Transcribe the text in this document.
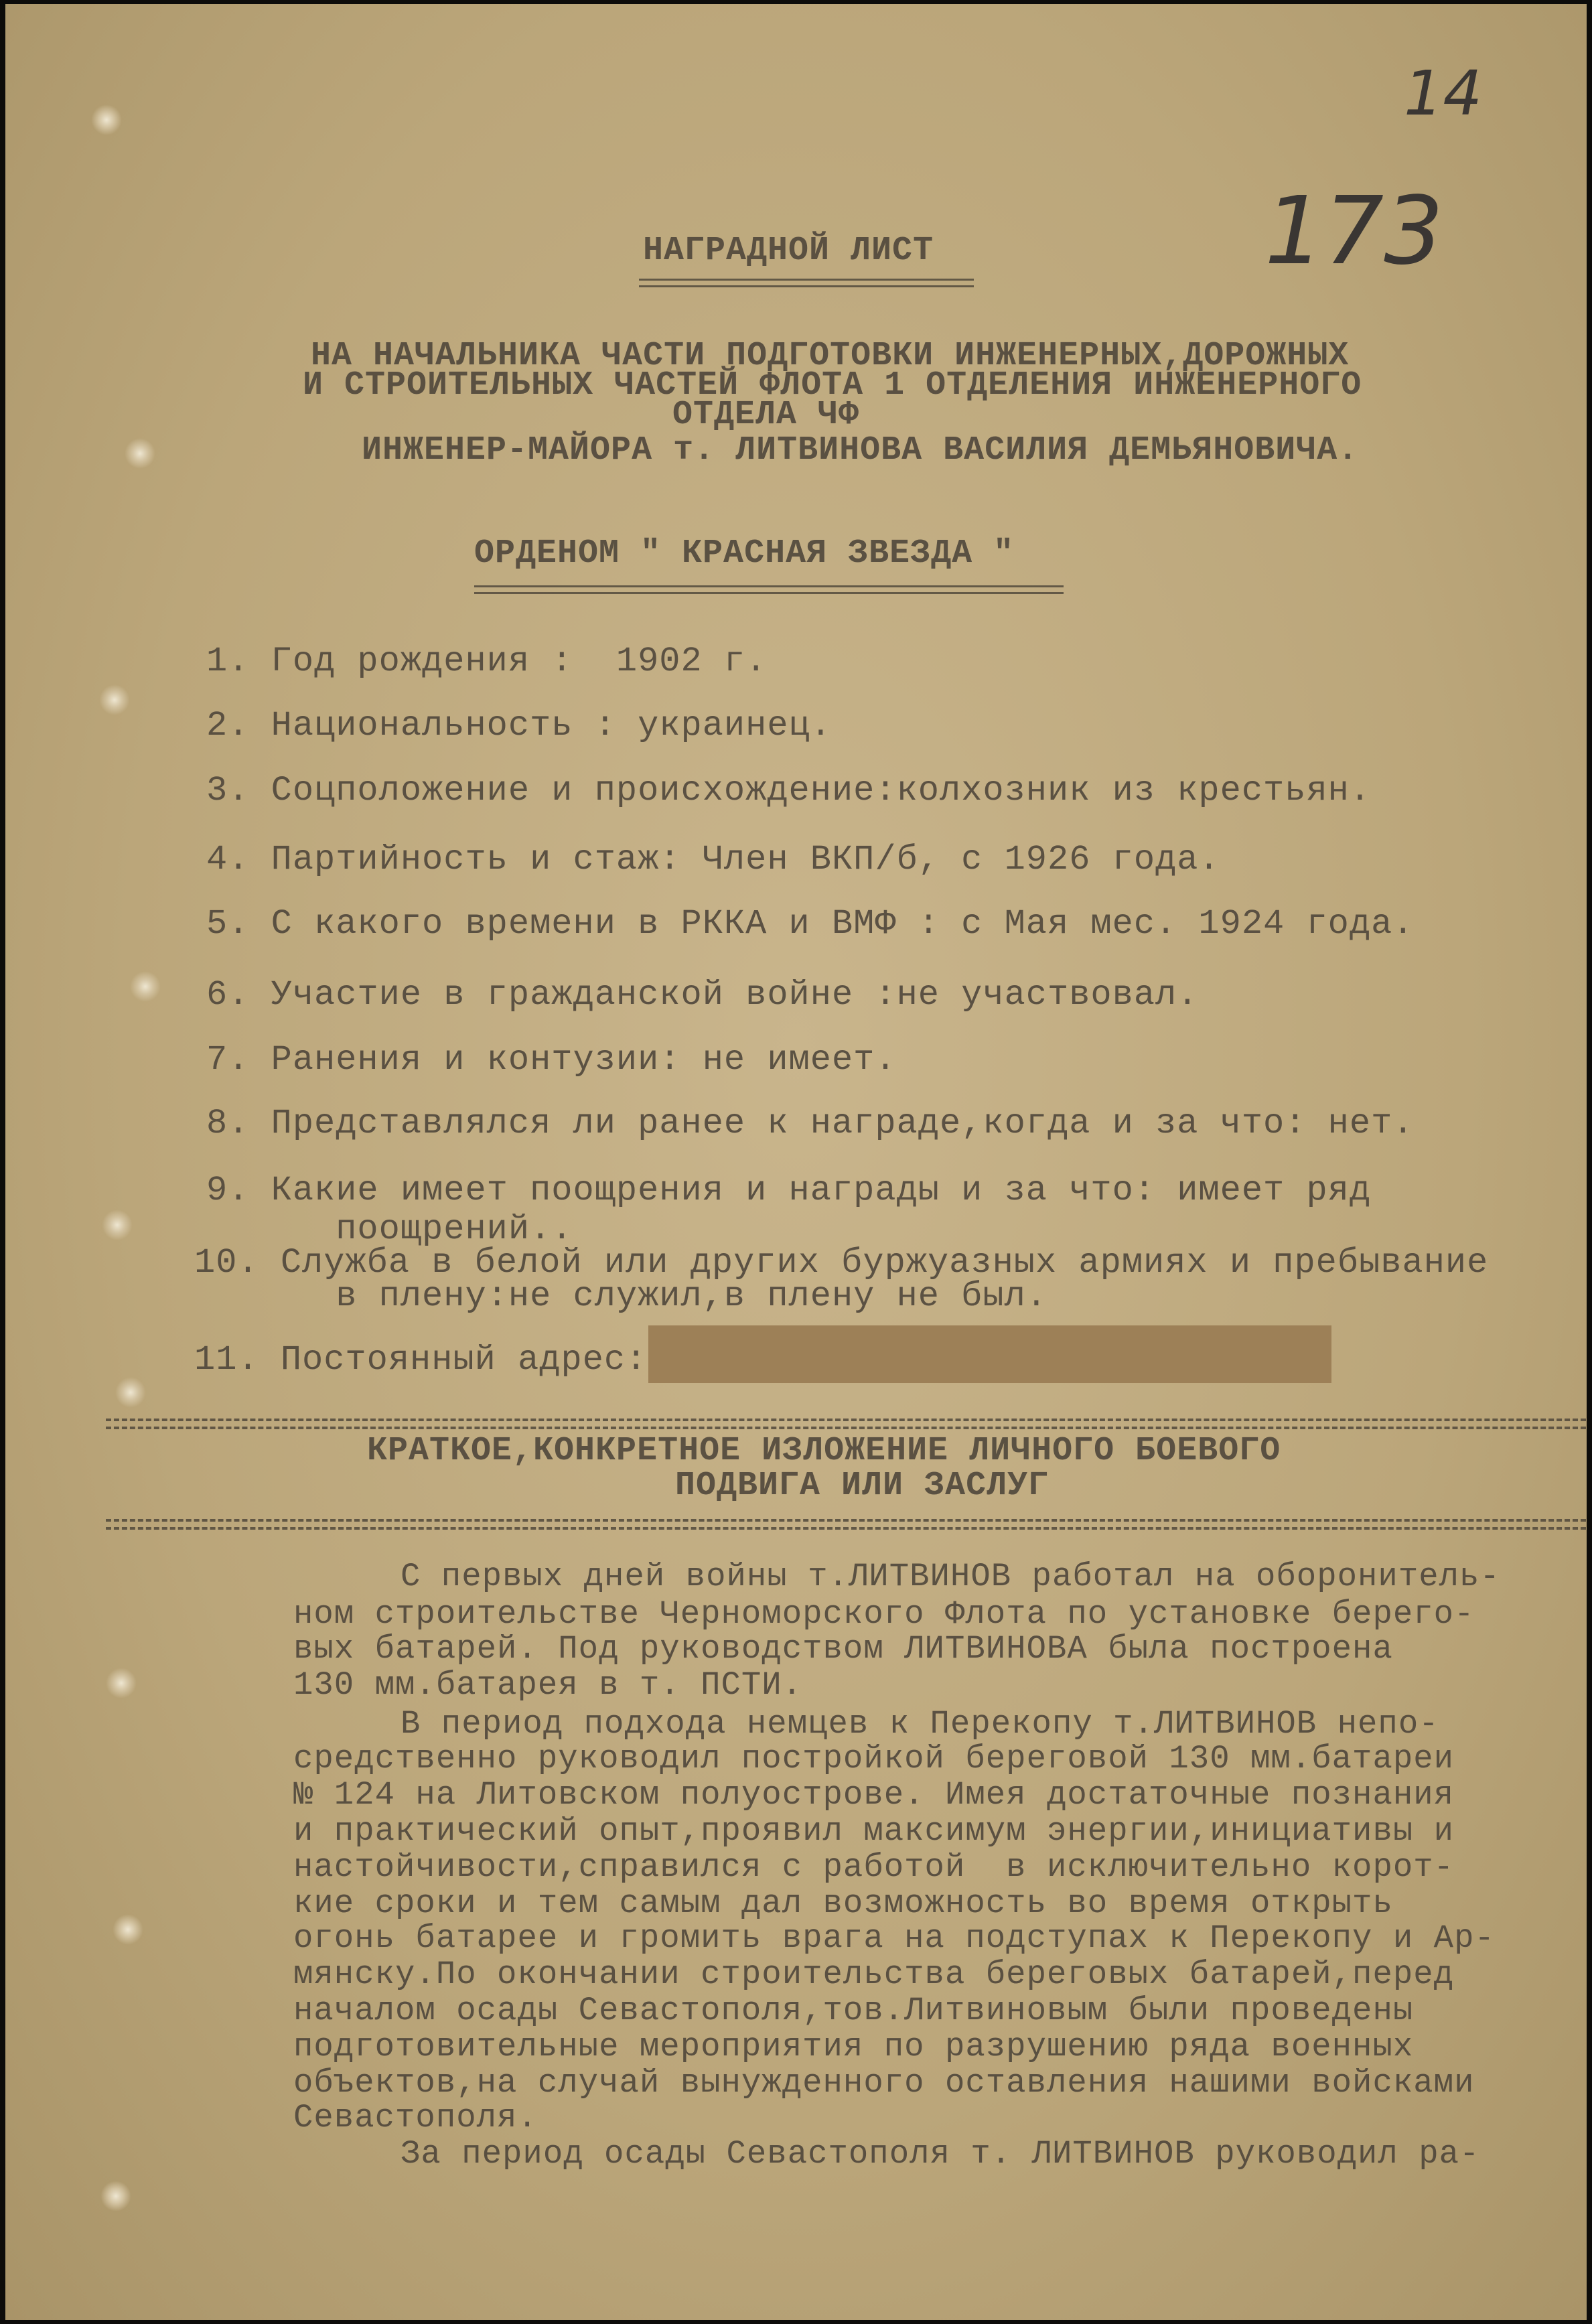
14
173
НАГРАДНОЙ ЛИСТ
НА НАЧАЛЬНИКА ЧАСТИ ПОДГОТОВКИ ИНЖЕНЕРНЫХ,ДОРОЖНЫХ
И СТРОИТЕЛЬНЫХ ЧАСТЕЙ ФЛОТА 1 ОТДЕЛЕНИЯ ИНЖЕНЕРНОГО
ОТДЕЛА ЧФ
ИНЖЕНЕР-МАЙОРА т. ЛИТВИНОВА ВАСИЛИЯ ДЕМЬЯНОВИЧА.
ОРДЕНОМ " КРАСНАЯ ЗВЕЗДА "
1. Год рождения :  1902 г.
2. Национальность : украинец.
3. Соцположение и происхождение:колхозник из крестьян.
4. Партийность и стаж: Член ВКП/б, с 1926 года.
5. С какого времени в РККА и ВМФ : с Мая мес. 1924 года.
6. Участие в гражданской войне :не участвовал.
7. Ранения и контузии: не имеет.
8. Представлялся ли ранее к награде,когда и за что: нет.
9. Какие имеет поощрения и награды и за что: имеет ряд
поощрений..
10. Служба в белой или других буржуазных армиях и пребывание
в плену:не служил,в плену не был.
11. Постоянный адрес:
КРАТКОЕ,КОНКРЕТНОЕ ИЗЛОЖЕНИЕ ЛИЧНОГО БОЕВОГО
ПОДВИГА ИЛИ ЗАСЛУГ
С первых дней войны т.ЛИТВИНОВ работал на оборонитель-
ном строительстве Черноморского Флота по установке берего-
вых батарей. Под руководством ЛИТВИНОВА была построена
130 мм.батарея в т. ПСТИ.
В период подхода немцев к Перекопу т.ЛИТВИНОВ непо-
средственно руководил постройкой береговой 130 мм.батареи
№ 124 на Литовском полуострове. Имея достаточные познания
и практический опыт,проявил максимум энергии,инициативы и
настойчивости,справился с работой  в исключительно корот-
кие сроки и тем самым дал возможность во время открыть
огонь батарее и громить врага на подступах к Перекопу и Ар-
мянску.По окончании строительства береговых батарей,перед
началом осады Севастополя,тов.Литвиновым были проведены
подготовительные мероприятия по разрушению ряда военных
объектов,на случай вынужденного оставления нашими войсками
Севастополя.
За период осады Севастополя т. ЛИТВИНОВ руководил ра-
